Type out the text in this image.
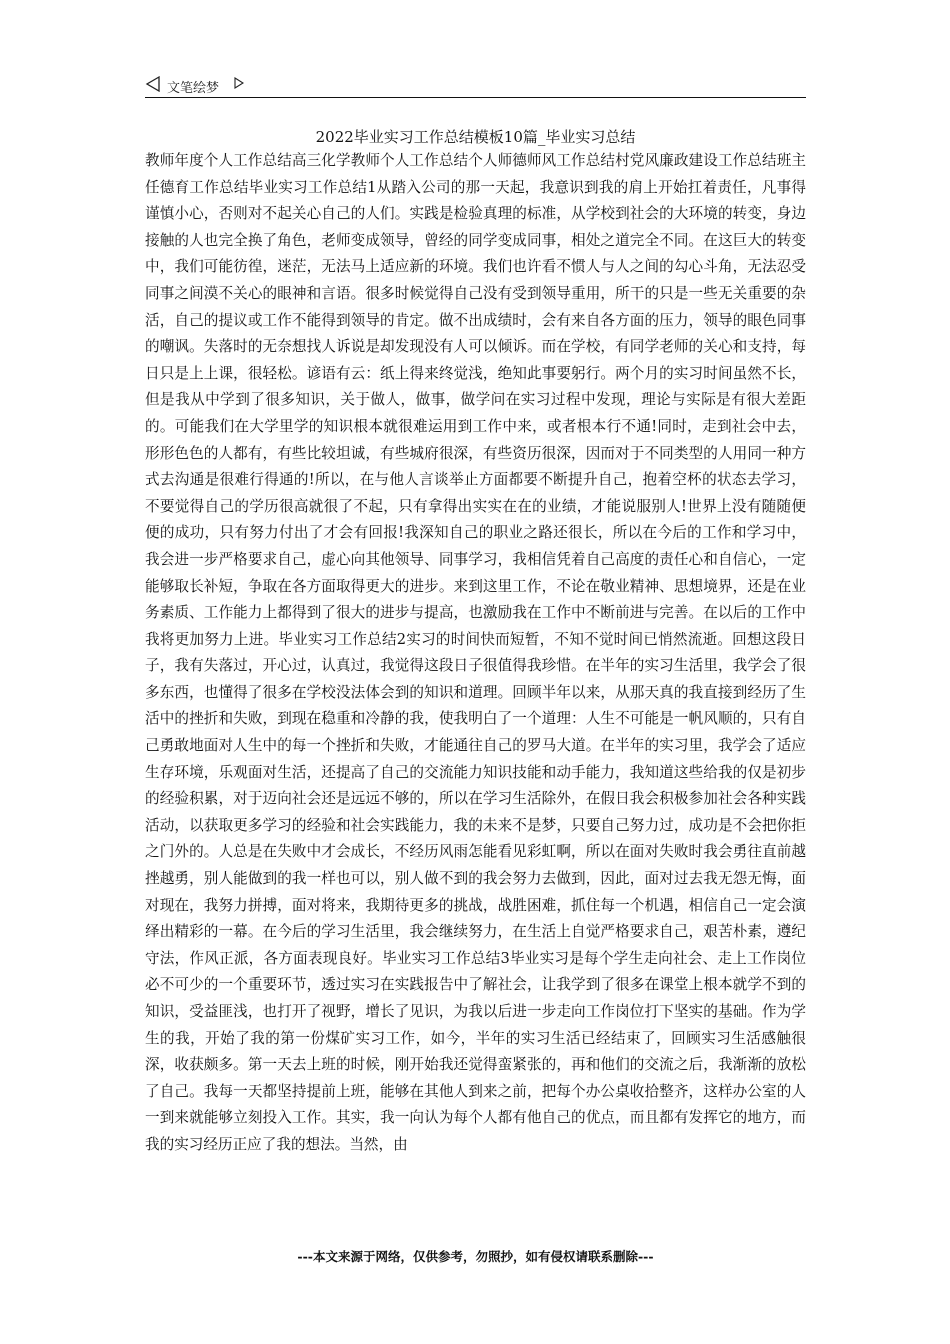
文笔绘梦
2022毕业实习工作总结模板10篇_毕业实习总结

教师年度个人工作总结高三化学教师个人工作总结个人师德师风工作总结村党风廉政建设工作总结班主任德育工作总结毕业实习工作总结1从踏入公司的那一天起，我意识到我的肩上开始扛着责任，凡事得谨慎小心，否则对不起关心自己的人们。实践是检验真理的标准，从学校到社会的大环境的转变，身边接触的人也完全换了角色，老师变成领导，曾经的同学变成同事，相处之道完全不同。在这巨大的转变中，我们可能彷徨，迷茫，无法马上适应新的环境。我们也许看不惯人与人之间的勾心斗角，无法忍受同事之间漠不关心的眼神和言语。很多时候觉得自己没有受到领导重用，所干的只是一些无关重要的杂活，自己的提议或工作不能得到领导的肯定。做不出成绩时，会有来自各方面的压力，领导的眼色同事的嘲讽。失落时的无奈想找人诉说是却发现没有人可以倾诉。而在学校，有同学老师的关心和支持，每日只是上上课，很轻松。谚语有云：纸上得来终觉浅，绝知此事要躬行。两个月的实习时间虽然不长，但是我从中学到了很多知识，关于做人，做事，做学问在实习过程中发现，理论与实际是有很大差距的。可能我们在大学里学的知识根本就很难运用到工作中来，或者根本行不通!同时，走到社会中去，形形色色的人都有，有些比较坦诚，有些城府很深，有些资历很深，因而对于不同类型的人用同一种方式去沟通是很难行得通的!所以，在与他人言谈举止方面都要不断提升自己，抱着空杯的状态去学习，不要觉得自己的学历很高就很了不起，只有拿得出实实在在的业绩，才能说服别人!世界上没有随随便便的成功，只有努力付出了才会有回报!我深知自己的职业之路还很长，所以在今后的工作和学习中，我会进一步严格要求自己，虚心向其他领导、同事学习，我相信凭着自己高度的责任心和自信心，一定能够取长补短，争取在各方面取得更大的进步。来到这里工作，不论在敬业精神、思想境界，还是在业务素质、工作能力上都得到了很大的进步与提高，也激励我在工作中不断前进与完善。在以后的工作中我将更加努力上进。毕业实习工作总结2实习的时间快而短暂，不知不觉时间已悄然流逝。回想这段日子，我有失落过，开心过，认真过，我觉得这段日子很值得我珍惜。在半年的实习生活里，我学会了很多东西，也懂得了很多在学校没法体会到的知识和道理。回顾半年以来，从那天真的我直接到经历了生活中的挫折和失败，到现在稳重和冷静的我，使我明白了一个道理：人生不可能是一帆风顺的，只有自己勇敢地面对人生中的每一个挫折和失败，才能通往自己的罗马大道。在半年的实习里，我学会了适应生存环境，乐观面对生活，还提高了自己的交流能力知识技能和动手能力，我知道这些给我的仅是初步的经验积累，对于迈向社会还是远远不够的，所以在学习生活除外，在假日我会积极参加社会各种实践活动，以获取更多学习的经验和社会实践能力，我的未来不是梦，只要自己努力过，成功是不会把你拒之门外的。人总是在失败中才会成长，不经历风雨怎能看见彩虹啊，所以在面对失败时我会勇往直前越挫越勇，别人能做到的我一样也可以，别人做不到的我会努力去做到，因此，面对过去我无怨无悔，面对现在，我努力拼搏，面对将来，我期待更多的挑战，战胜困难，抓住每一个机遇，相信自己一定会演绎出精彩的一幕。在今后的学习生活里，我会继续努力，在生活上自觉严格要求自己，艰苦朴素，遵纪守法，作风正派，各方面表现良好。毕业实习工作总结3毕业实习是每个学生走向社会、走上工作岗位必不可少的一个重要环节，透过实习在实践报告中了解社会，让我学到了很多在课堂上根本就学不到的知识，受益匪浅，也打开了视野，增长了见识，为我以后进一步走向工作岗位打下坚实的基础。作为学生的我，开始了我的第一份煤矿实习工作，如今，半年的实习生活已经结束了，回顾实习生活感触很深，收获颇多。第一天去上班的时候，刚开始我还觉得蛮紧张的，再和他们的交流之后，我渐渐的放松了自己。我每一天都坚持提前上班，能够在其他人到来之前，把每个办公桌收拾整齐，这样办公室的人一到来就能够立刻投入工作。其实，我一向认为每个人都有他自己的优点，而且都有发挥它的地方，而我的实习经历正应了我的想法。当然，由

---本文来源于网络，仅供参考，勿照抄，如有侵权请联系删除---
